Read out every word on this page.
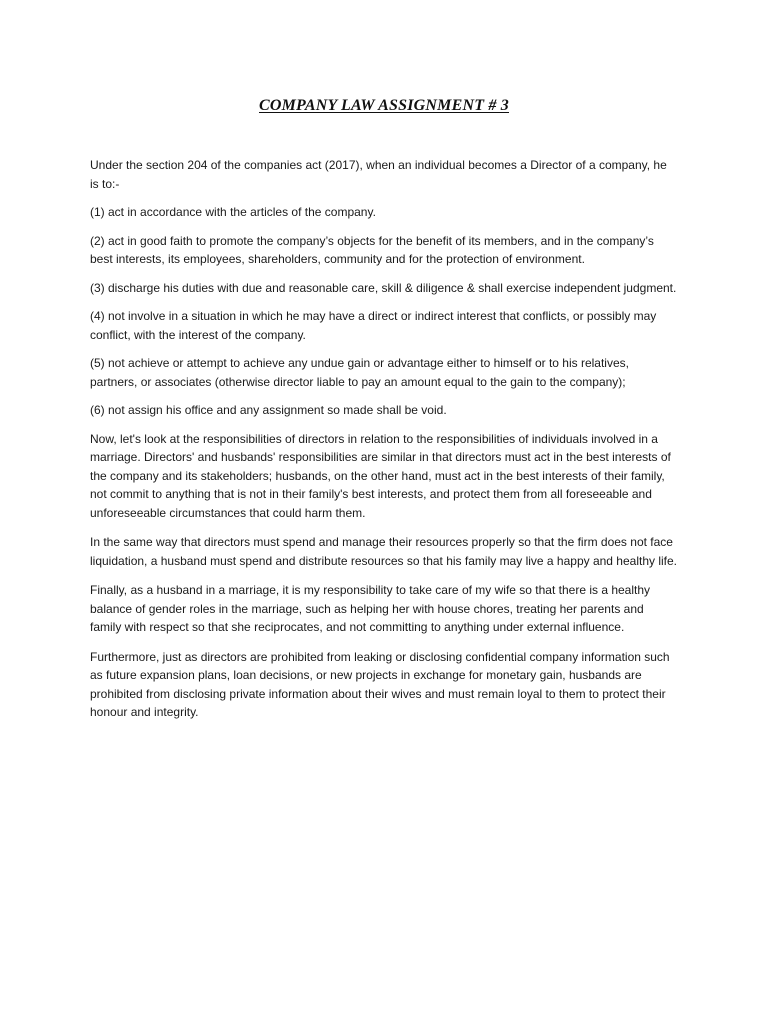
COMPANY LAW ASSIGNMENT # 3

Under the section 204 of the companies act (2017), when an individual becomes a Director of a company, he is to:-

(1) act in accordance with the articles of the company.

(2) act in good faith to promote the company’s objects for the benefit of its members, and in the company’s best interests, its employees, shareholders, community and for the protection of environment.

(3) discharge his duties with due and reasonable care, skill & diligence & shall exercise independent judgment.

(4) not involve in a situation in which he may have a direct or indirect interest that conflicts, or possibly may conflict, with the interest of the company.

(5) not achieve or attempt to achieve any undue gain or advantage either to himself or to his relatives, partners, or associates (otherwise director liable to pay an amount equal to the gain to the company);

(6) not assign his office and any assignment so made shall be void.

Now, let's look at the responsibilities of directors in relation to the responsibilities of individuals involved in a marriage. Directors' and husbands' responsibilities are similar in that directors must act in the best interests of the company and its stakeholders; husbands, on the other hand, must act in the best interests of their family, not commit to anything that is not in their family's best interests, and protect them from all foreseeable and unforeseeable circumstances that could harm them.

In the same way that directors must spend and manage their resources properly so that the firm does not face liquidation, a husband must spend and distribute resources so that his family may live a happy and healthy life.

Finally, as a husband in a marriage, it is my responsibility to take care of my wife so that there is a healthy balance of gender roles in the marriage, such as helping her with house chores, treating her parents and family with respect so that she reciprocates, and not committing to anything under external influence.

Furthermore, just as directors are prohibited from leaking or disclosing confidential company information such as future expansion plans, loan decisions, or new projects in exchange for monetary gain, husbands are prohibited from disclosing private information about their wives and must remain loyal to them to protect their honour and integrity.
